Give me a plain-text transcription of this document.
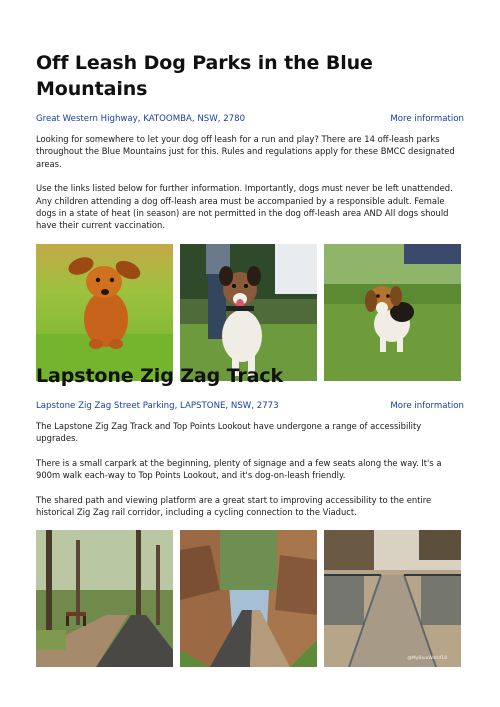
Off Leash Dog Parks in the Blue Mountains
Great Western Highway, KATOOMBA, NSW, 2780	More information

Looking for somewhere to let your dog off leash for a run and play? There are 14 off-leash parks throughout the Blue Mountains just for this. Rules and regulations apply for these BMCC designated areas.

Use the links listed below for further information. Importantly, dogs must never be left unattended. Any children attending a dog off-leash area must be accompanied by a responsible adult. Female dogs in a state of heat (in season) are not permitted in the dog off-leash area AND All dogs should have their current vaccination.

Lapstone Zig Zag Track
Lapstone Zig Zag Street Parking, LAPSTONE, NSW, 2773	More information

The Lapstone Zig Zag Track and Top Points Lookout have undergone a range of accessibility upgrades.

There is a small carpark at the beginning, plenty of signage and a few seats along the way. It's a 900m walk each-way to Top Points Lookout, and it's dog-on-leash friendly.

The shared path and viewing platform are a great start to improving accessibility to the entire historical Zig Zag rail corridor, including a cycling connection to the Viaduct.

@MyBlueWorld18
